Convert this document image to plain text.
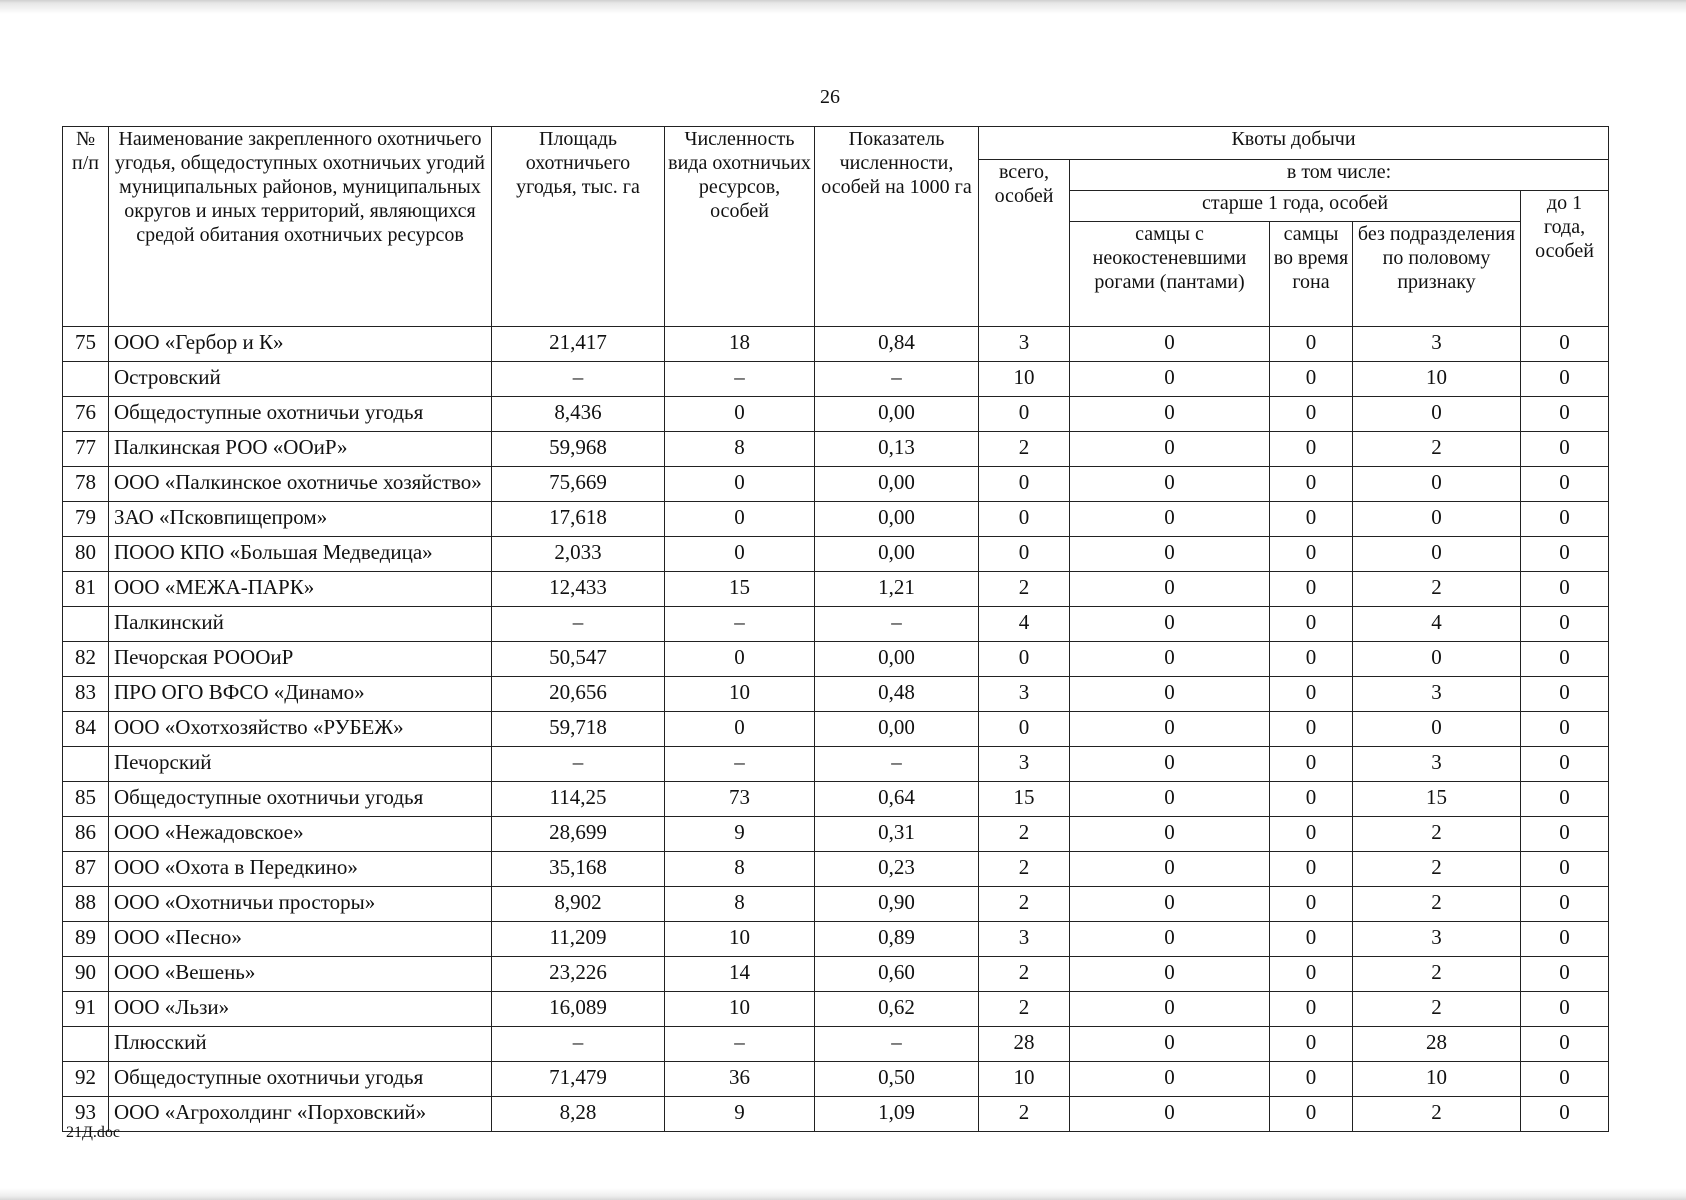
26
№ п/п	Наименование закрепленного охотничьего угодья, общедоступных охотничьих угодий муниципальных районов, муниципальных округов и иных территорий, являющихся средой обитания охотничьих ресурсов	Площадь охотничьего угодья, тыс. га	Численность вида охотничьих ресурсов, особей	Показатель численности, особей на 1000 га	Квоты добычи				
					всего, особей	в том числе:			
						старше 1 года, особей			до 1 года, особей
						самцы с неокостеневшими рогами (пантами)	самцы во время гона	без подразделения по половому признаку	
75	ООО «Гербор и К»	21,417	18	0,84	3	0	0	3	0
	Островский	–	–	–	10	0	0	10	0
76	Общедоступные охотничьи угодья	8,436	0	0,00	0	0	0	0	0
77	Палкинская РОО «ООиР»	59,968	8	0,13	2	0	0	2	0
78	ООО «Палкинское охотничье хозяйство»	75,669	0	0,00	0	0	0	0	0
79	ЗАО «Псковпищепром»	17,618	0	0,00	0	0	0	0	0
80	ПООО КПО «Большая Медведица»	2,033	0	0,00	0	0	0	0	0
81	ООО «МЕЖА-ПАРК»	12,433	15	1,21	2	0	0	2	0
	Палкинский	–	–	–	4	0	0	4	0
82	Печорская РОООиР	50,547	0	0,00	0	0	0	0	0
83	ПРО ОГО ВФСО «Динамо»	20,656	10	0,48	3	0	0	3	0
84	ООО «Охотхозяйство «РУБЕЖ»	59,718	0	0,00	0	0	0	0	0
	Печорский	–	–	–	3	0	0	3	0
85	Общедоступные охотничьи угодья	114,25	73	0,64	15	0	0	15	0
86	ООО «Нежадовское»	28,699	9	0,31	2	0	0	2	0
87	ООО «Охота в Передкино»	35,168	8	0,23	2	0	0	2	0
88	ООО «Охотничьи просторы»	8,902	8	0,90	2	0	0	2	0
89	ООО «Песно»	11,209	10	0,89	3	0	0	3	0
90	ООО «Вешень»	23,226	14	0,60	2	0	0	2	0
91	ООО «Льзи»	16,089	10	0,62	2	0	0	2	0
	Плюсский	–	–	–	28	0	0	28	0
92	Общедоступные охотничьи угодья	71,479	36	0,50	10	0	0	10	0
93	ООО «Агрохолдинг «Порховский»	8,28	9	1,09	2	0	0	2	0
21Д.doc
